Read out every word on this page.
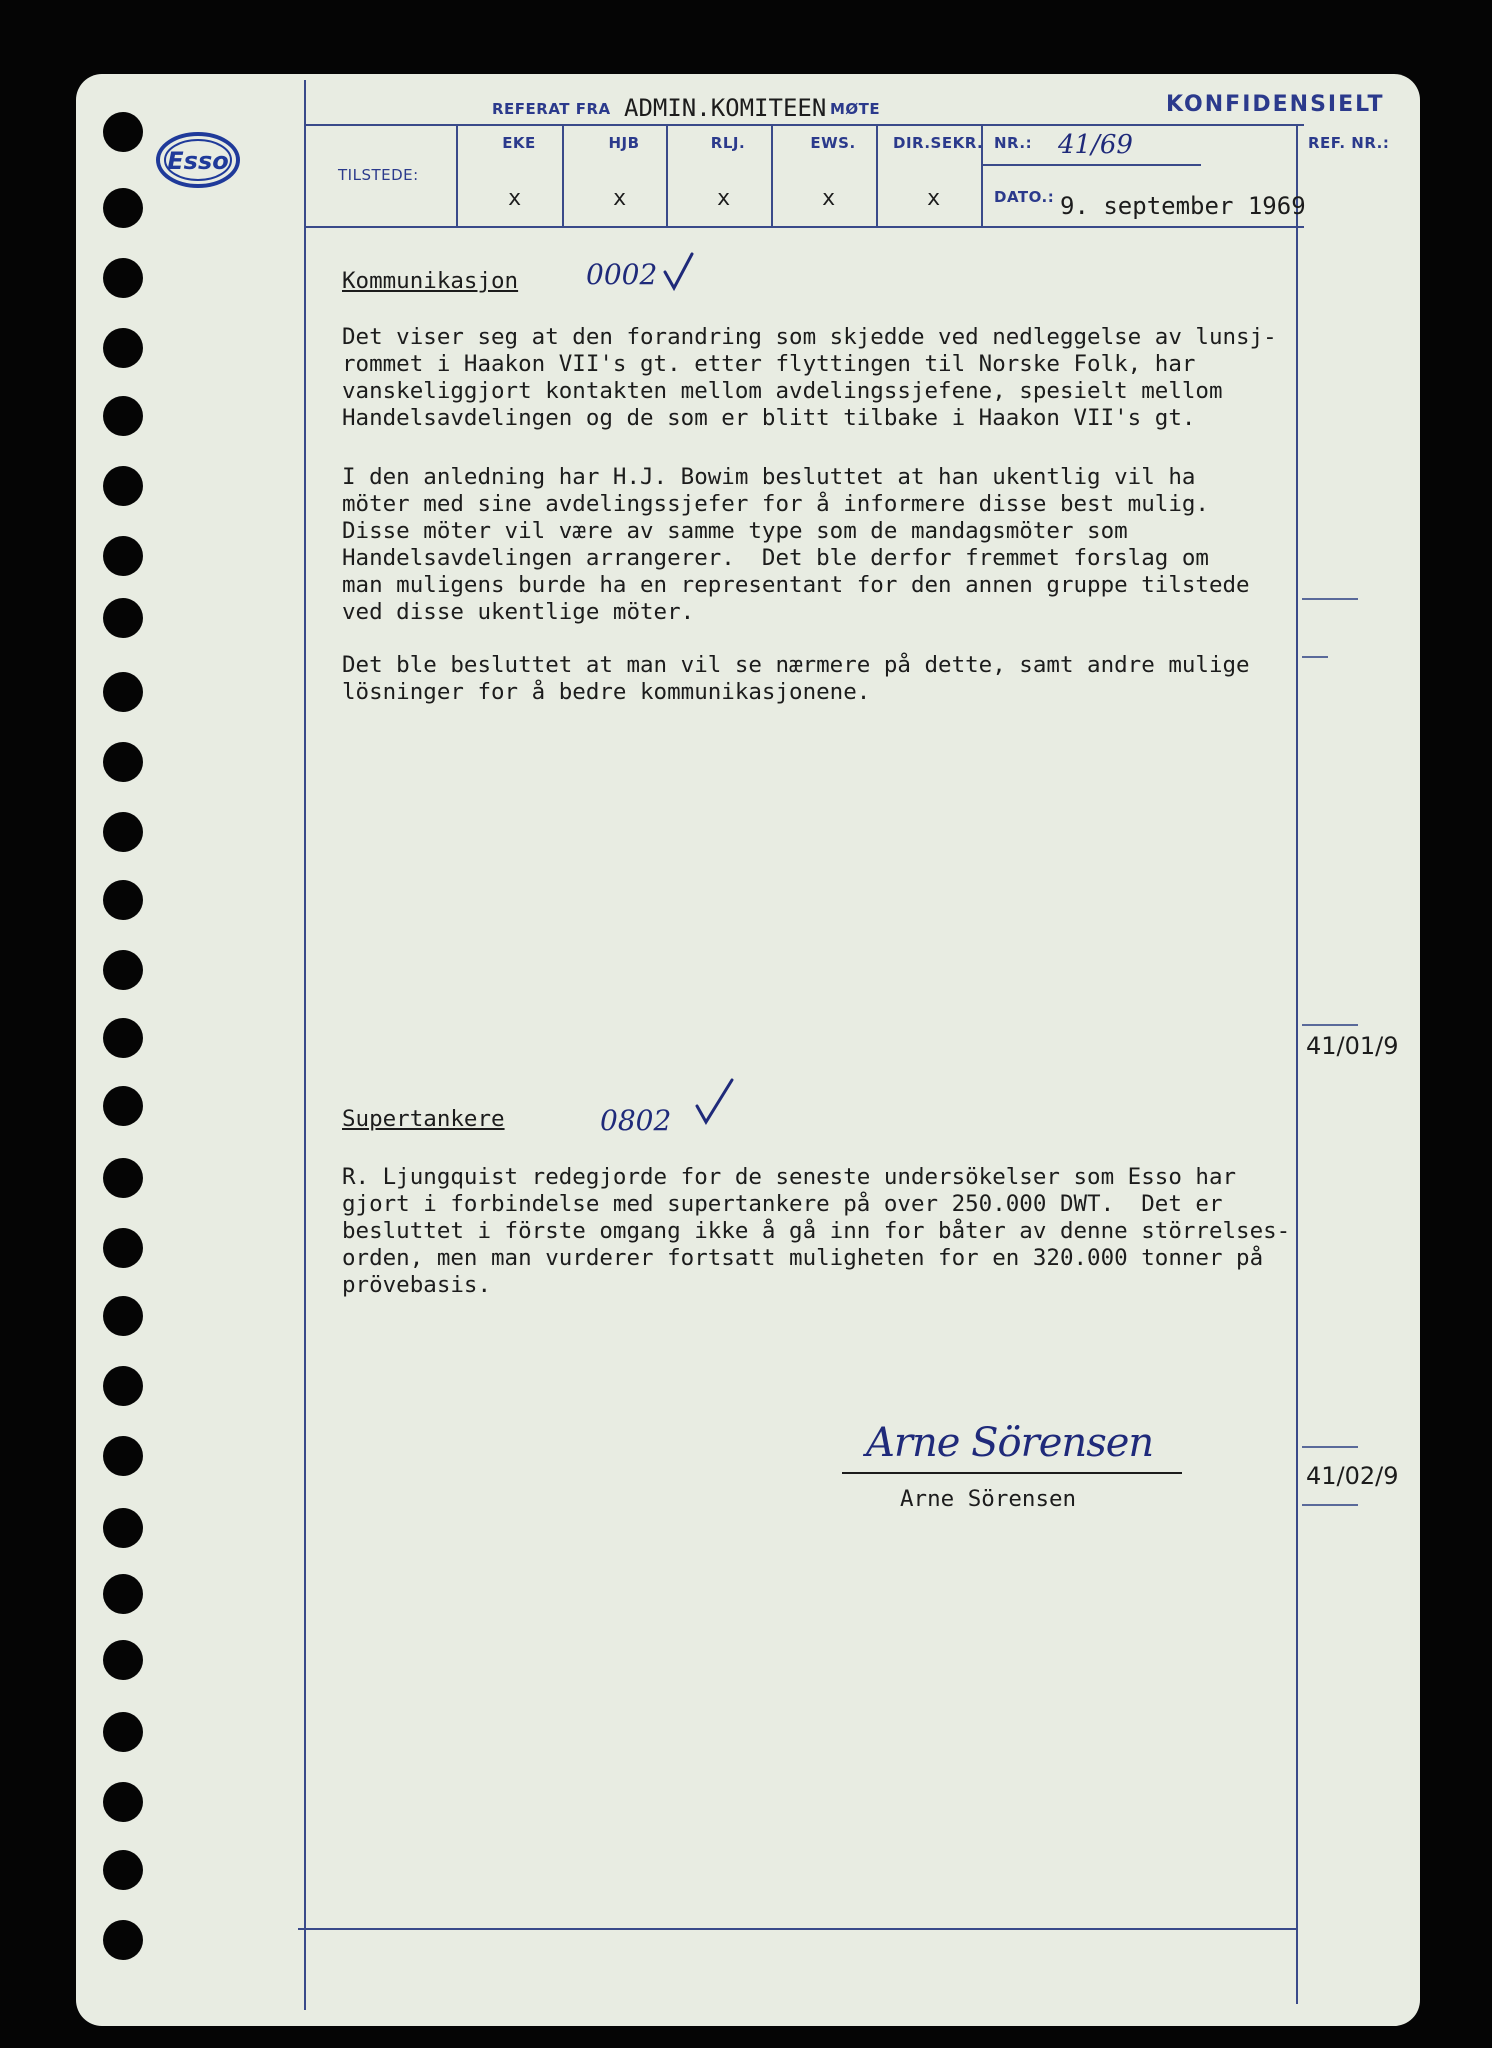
Esso
REFERAT FRA ADMIN.KOMITEEN MØTE	KONFIDENSIELT
TILSTEDE:
EKE
x
HJB
x
RLJ.
x
EWS.
x
DIR.SEKR.
x
NR.: 41/69
DATO.: 9. september 1969
REF. NR.:
Kommunikasjon 0002
Det viser seg at den forandring som skjedde ved nedleggelse av lunsj-
rommet i Haakon VII's gt. etter flyttingen til Norske Folk, har
vanskeliggjort kontakten mellom avdelingssjefene, spesielt mellom
Handelsavdelingen og de som er blitt tilbake i Haakon VII's gt.
I den anledning har H.J. Bowim besluttet at han ukentlig vil ha
möter med sine avdelingssjefer for å informere disse best mulig.
Disse möter vil være av samme type som de mandagsmöter som
Handelsavdelingen arrangerer.  Det ble derfor fremmet forslag om
man muligens burde ha en representant for den annen gruppe tilstede
ved disse ukentlige möter.
Det ble besluttet at man vil se nærmere på dette, samt andre mulige
lösninger for å bedre kommunikasjonene.
41/01/9
Supertankere	0802
R. Ljungquist redegjorde for de seneste undersökelser som Esso har
gjort i forbindelse med supertankere på over 250.000 DWT.  Det er
besluttet i förste omgang ikke å gå inn for båter av denne störrelses-
orden, men man vurderer fortsatt muligheten for en 320.000 tonner på
prövebasis.
Arne Sörensen
Arne Sörensen
41/02/9
